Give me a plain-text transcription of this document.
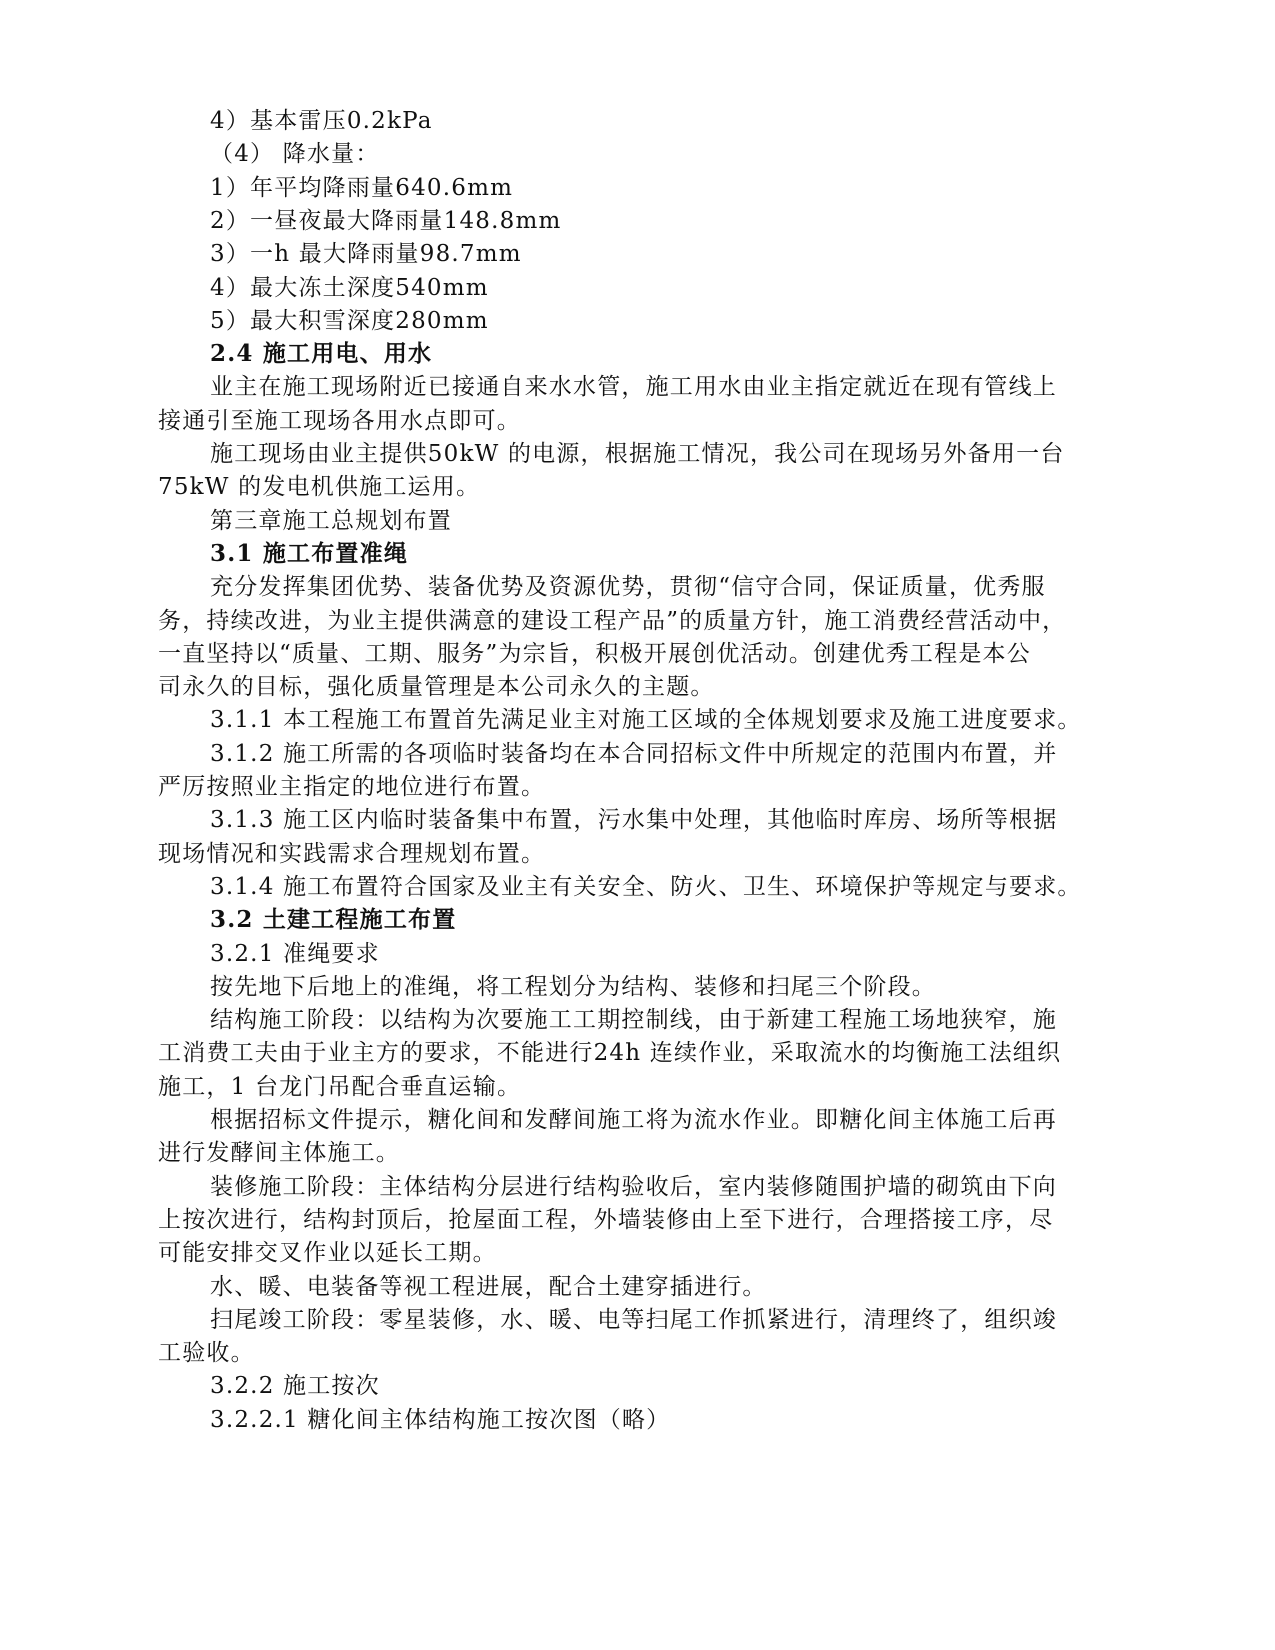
4）基本雷压0.2kPa
（4） 降水量：
1）年平均降雨量640.6mm
2）一昼夜最大降雨量148.8mm
3）一h 最大降雨量98.7mm
4）最大冻土深度540mm
5）最大积雪深度280mm
2.4 施工用电、用水
业主在施工现场附近已接通自来水水管，施工用水由业主指定就近在现有管线上
接通引至施工现场各用水点即可。
施工现场由业主提供50kW 的电源，根据施工情况，我公司在现场另外备用一台
75kW 的发电机供施工运用。
第三章施工总规划布置
3.1 施工布置准绳
充分发挥集团优势、装备优势及资源优势，贯彻“信守合同，保证质量，优秀服
务，持续改进，为业主提供满意的建设工程产品”的质量方针，施工消费经营活动中，
一直坚持以“质量、工期、服务”为宗旨，积极开展创优活动。创建优秀工程是本公
司永久的目标，强化质量管理是本公司永久的主题。
3.1.1 本工程施工布置首先满足业主对施工区域的全体规划要求及施工进度要求。
3.1.2 施工所需的各项临时装备均在本合同招标文件中所规定的范围内布置，并
严厉按照业主指定的地位进行布置。
3.1.3 施工区内临时装备集中布置，污水集中处理，其他临时库房、场所等根据
现场情况和实践需求合理规划布置。
3.1.4 施工布置符合国家及业主有关安全、防火、卫生、环境保护等规定与要求。
3.2 土建工程施工布置
3.2.1 准绳要求
按先地下后地上的准绳，将工程划分为结构、装修和扫尾三个阶段。
结构施工阶段：以结构为次要施工工期控制线，由于新建工程施工场地狭窄，施
工消费工夫由于业主方的要求，不能进行24h 连续作业，采取流水的均衡施工法组织
施工，1 台龙门吊配合垂直运输。
根据招标文件提示，糖化间和发酵间施工将为流水作业。即糖化间主体施工后再
进行发酵间主体施工。
装修施工阶段：主体结构分层进行结构验收后，室内装修随围护墙的砌筑由下向
上按次进行，结构封顶后，抢屋面工程，外墙装修由上至下进行，合理搭接工序，尽
可能安排交叉作业以延长工期。
水、暖、电装备等视工程进展，配合土建穿插进行。
扫尾竣工阶段：零星装修，水、暖、电等扫尾工作抓紧进行，清理终了，组织竣
工验收。
3.2.2 施工按次
3.2.2.1 糖化间主体结构施工按次图（略）
